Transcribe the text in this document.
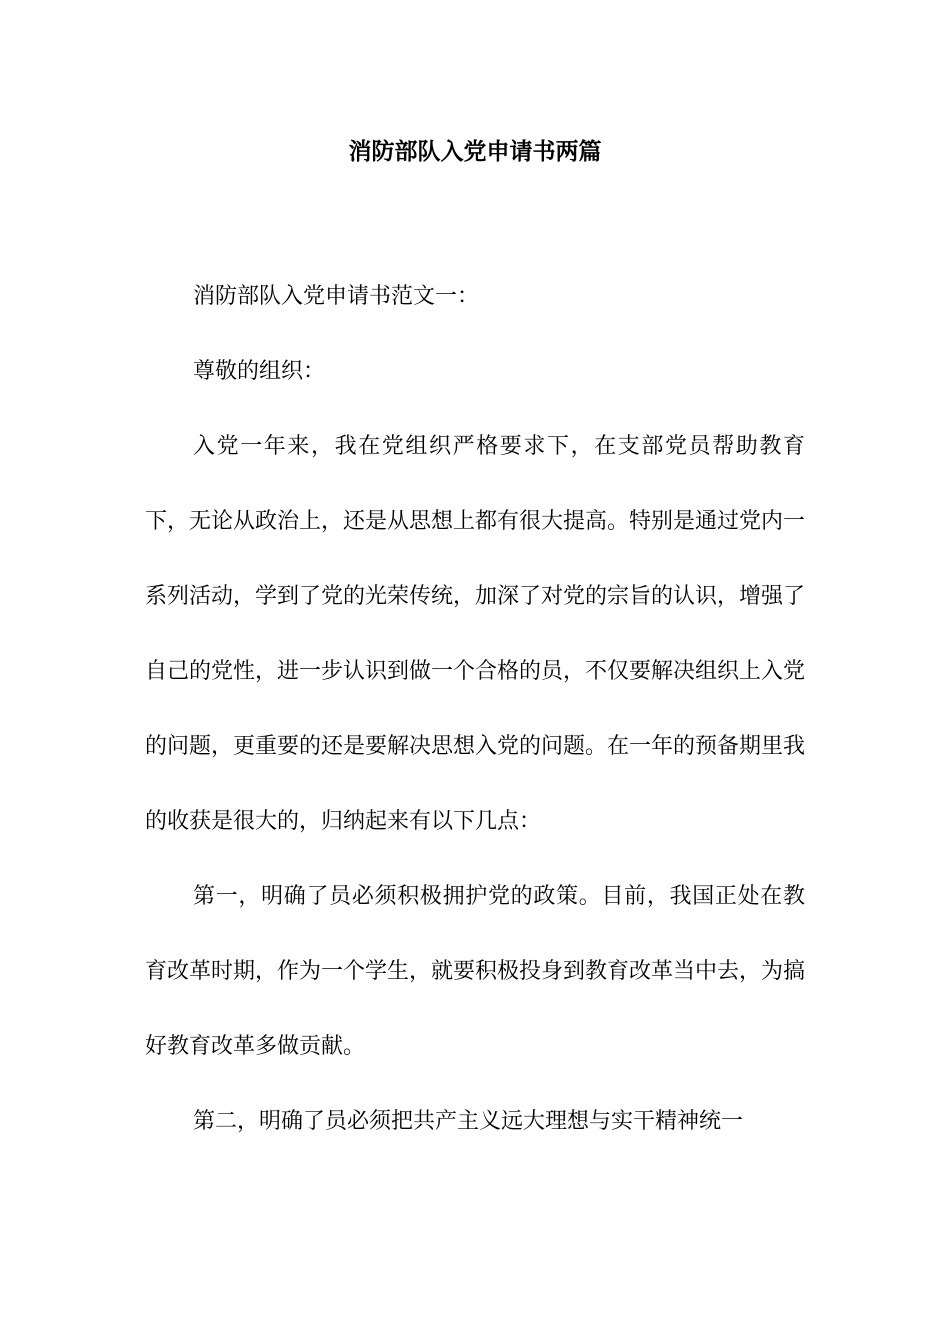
消防部队入党申请书两篇

消防部队入党申请书范文一：

尊敬的组织：

入党一年来，我在党组织严格要求下，在支部党员帮助教育下，无论从政治上，还是从思想上都有很大提高。特别是通过党内一系列活动，学到了党的光荣传统，加深了对党的宗旨的认识，增强了自己的党性，进一步认识到做一个合格的员，不仅要解决组织上入党的问题，更重要的还是要解决思想入党的问题。在一年的预备期里我的收获是很大的，归纳起来有以下几点：

第一，明确了员必须积极拥护党的政策。目前，我国正处在教育改革时期，作为一个学生，就要积极投身到教育改革当中去，为搞好教育改革多做贡献。

第二，明确了员必须把共产主义远大理想与实干精神统一
